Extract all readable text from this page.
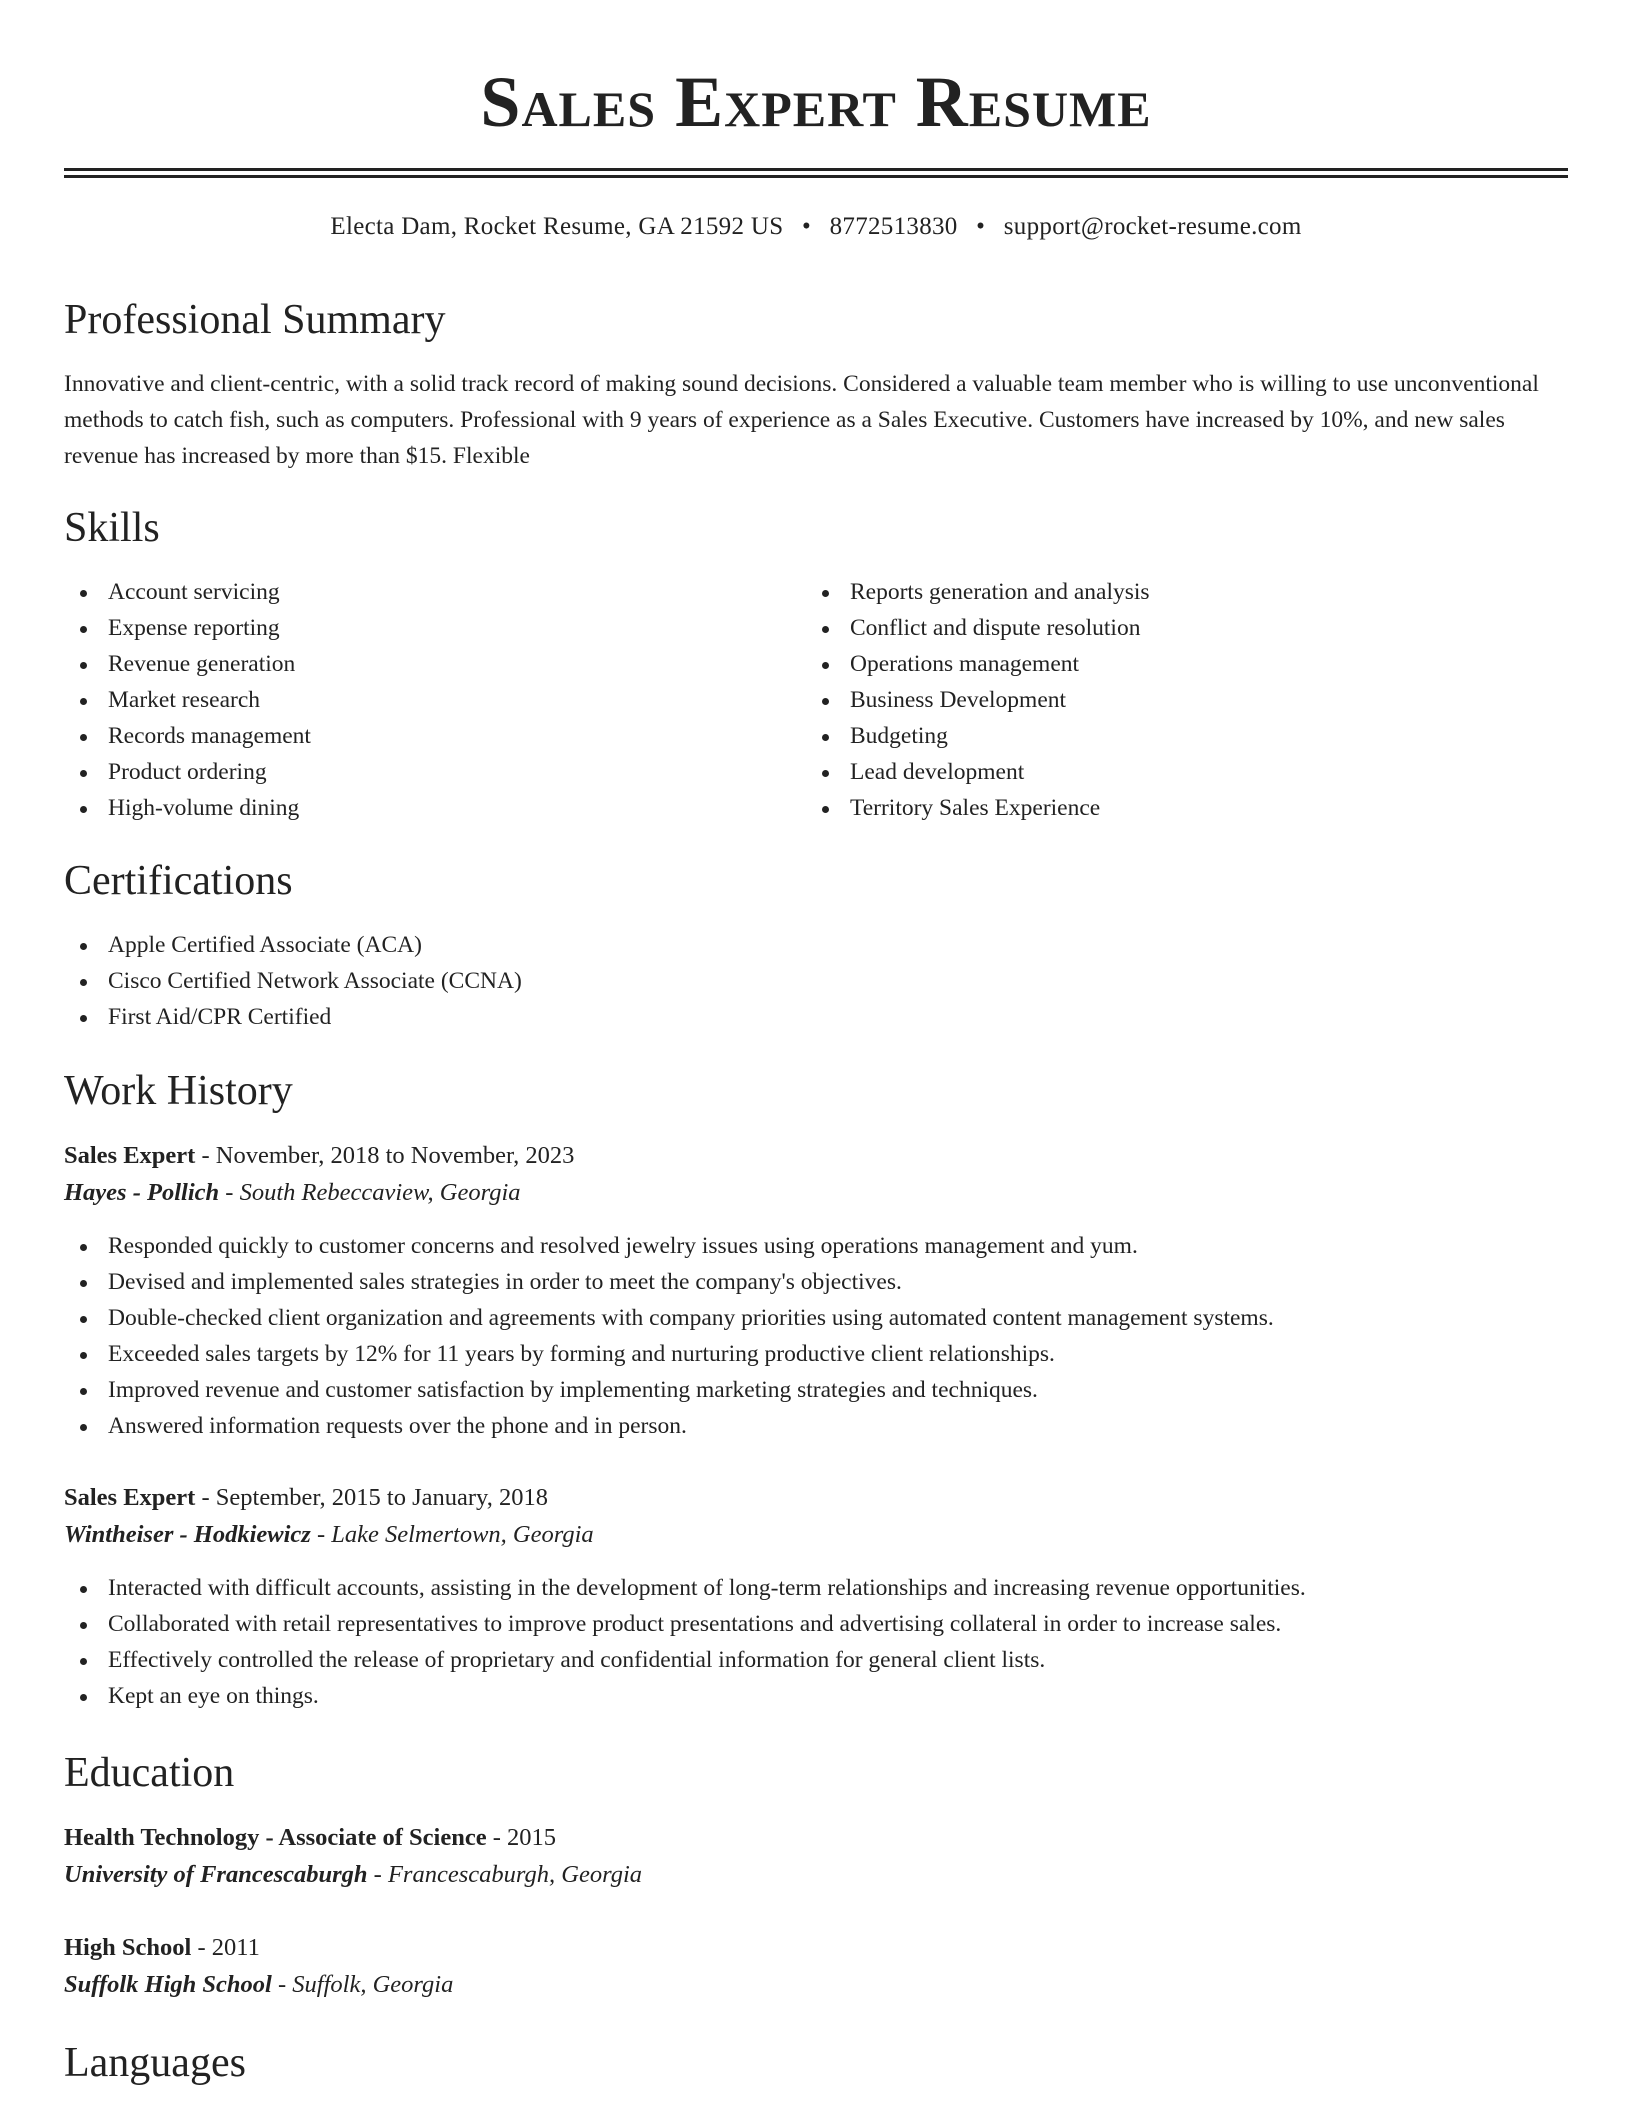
Sales Expert Resume
Electa Dam, Rocket Resume, GA 21592 US • 8772513830 • support@rocket-resume.com
Professional Summary

Innovative and client-centric, with a solid track record of making sound decisions. Considered a valuable team member who is willing to use unconventional methods to catch fish, such as computers. Professional with 9 years of experience as a Sales Executive. Customers have increased by 10%, and new sales revenue has increased by more than $15. Flexible

Skills
Account servicing
Expense reporting
Revenue generation
Market research
Records management
Product ordering
High-volume dining
Reports generation and analysis
Conflict and dispute resolution
Operations management
Business Development
Budgeting
Lead development
Territory Sales Experience
Certifications
Apple Certified Associate (ACA)
Cisco Certified Network Associate (CCNA)
First Aid/CPR Certified
Work History

Sales Expert - November, 2018 to November, 2023

Hayes - Pollich - South Rebeccaview, Georgia

Responded quickly to customer concerns and resolved jewelry issues using operations management and yum.
Devised and implemented sales strategies in order to meet the company's objectives.
Double-checked client organization and agreements with company priorities using automated content management systems.
Exceeded sales targets by 12% for 11 years by forming and nurturing productive client relationships.
Improved revenue and customer satisfaction by implementing marketing strategies and techniques.
Answered information requests over the phone and in person.

Sales Expert - September, 2015 to January, 2018

Wintheiser - Hodkiewicz - Lake Selmertown, Georgia

Interacted with difficult accounts, assisting in the development of long-term relationships and increasing revenue opportunities.
Collaborated with retail representatives to improve product presentations and advertising collateral in order to increase sales.
Effectively controlled the release of proprietary and confidential information for general client lists.
Kept an eye on things.
Education

Health Technology - Associate of Science - 2015

University of Francescaburgh - Francescaburgh, Georgia

High School - 2011

Suffolk High School - Suffolk, Georgia

Languages
